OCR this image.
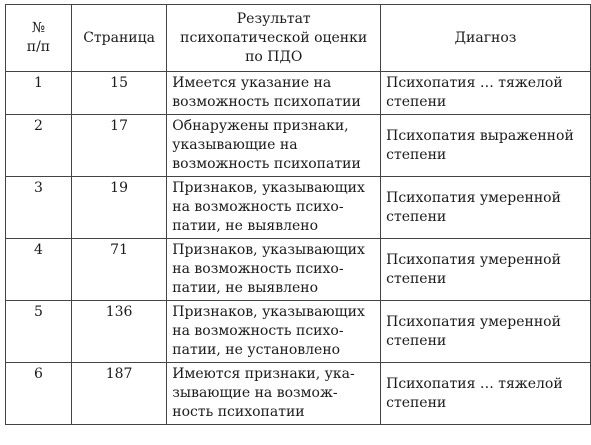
№
п/п	Страница	Результат
психопатической оценки
по ПДО	Диагноз
1	15	Имеется указание на
возможность психопатии	Психопатия … тяжелой
степени
2	17	Обнаружены признаки,
указывающие на
возможность психопатии	Психопатия выраженной
степени
3	19	Признаков, указывающих
на возможность психо-
патии, не выявлено	Психопатия умеренной
степени
4	71	Признаков, указывающих
на возможность психо-
патии, не выявлено	Психопатия умеренной
степени
5	136	Признаков, указывающих
на возможность психо-
патии, не установлено	Психопатия умеренной
степени
6	187	Имеются признаки, ука-
зывающие на возмож-
ность психопатии	Психопатия … тяжелой
степени
